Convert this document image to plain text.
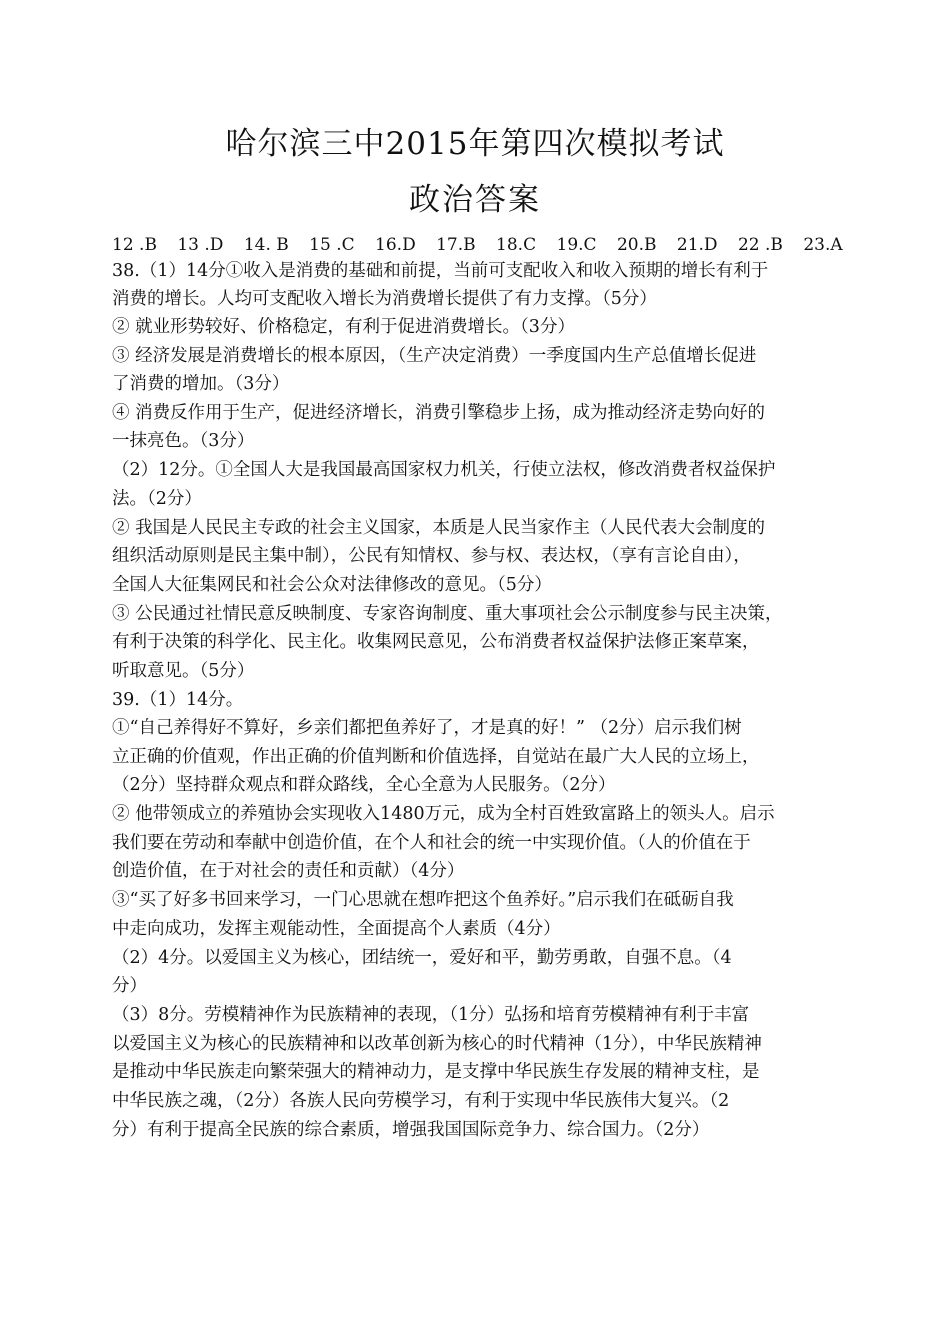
哈尔滨三中2015年第四次模拟考试
政治答案
12 .B 13 .D 14. B 15 .C 16.D 17.B 18.C 19.C 20.B 21.D 22 .B 23.A
38.（1）14分①收入是消费的基础和前提，当前可支配收入和收入预期的增长有利于
消费的增长。人均可支配收入增长为消费增长提供了有力支撑。（5分）
② 就业形势较好、价格稳定，有利于促进消费增长。（3分）
③ 经济发展是消费增长的根本原因，（生产决定消费）一季度国内生产总值增长促进
了消费的增加。（3分）
④ 消费反作用于生产，促进经济增长，消费引擎稳步上扬，成为推动经济走势向好的
一抹亮色。（3分）
（2）12分。①全国人大是我国最高国家权力机关，行使立法权，修改消费者权益保护
法。（2分）
② 我国是人民民主专政的社会主义国家，本质是人民当家作主（人民代表大会制度的
组织活动原则是民主集中制），公民有知情权、参与权、表达权，（享有言论自由），
全国人大征集网民和社会公众对法律修改的意见。（5分）
③ 公民通过社情民意反映制度、专家咨询制度、重大事项社会公示制度参与民主决策，
有利于决策的科学化、民主化。收集网民意见，公布消费者权益保护法修正案草案，
听取意见。（5分）
39.（1）14分。
①“自己养得好不算好，乡亲们都把鱼养好了，才是真的好！” （2分）启示我们树
立正确的价值观，作出正确的价值判断和价值选择，自觉站在最广大人民的立场上，
（2分）坚持群众观点和群众路线，全心全意为人民服务。（2分）
② 他带领成立的养殖协会实现收入1480万元，成为全村百姓致富路上的领头人。启示
我们要在劳动和奉献中创造价值，在个人和社会的统一中实现价值。（人的价值在于
创造价值，在于对社会的责任和贡献）（4分）
③“买了好多书回来学习，一门心思就在想咋把这个鱼养好。”启示我们在砥砺自我
中走向成功，发挥主观能动性，全面提高个人素质（4分）
（2）4分。以爱国主义为核心，团结统一，爱好和平，勤劳勇敢，自强不息。（4
分）
（3）8分。劳模精神作为民族精神的表现，（1分）弘扬和培育劳模精神有利于丰富
以爱国主义为核心的民族精神和以改革创新为核心的时代精神（1分），中华民族精神
是推动中华民族走向繁荣强大的精神动力，是支撑中华民族生存发展的精神支柱，是
中华民族之魂，（2分）各族人民向劳模学习，有利于实现中华民族伟大复兴。（2
分）有利于提高全民族的综合素质，增强我国国际竞争力、综合国力。（2分）
